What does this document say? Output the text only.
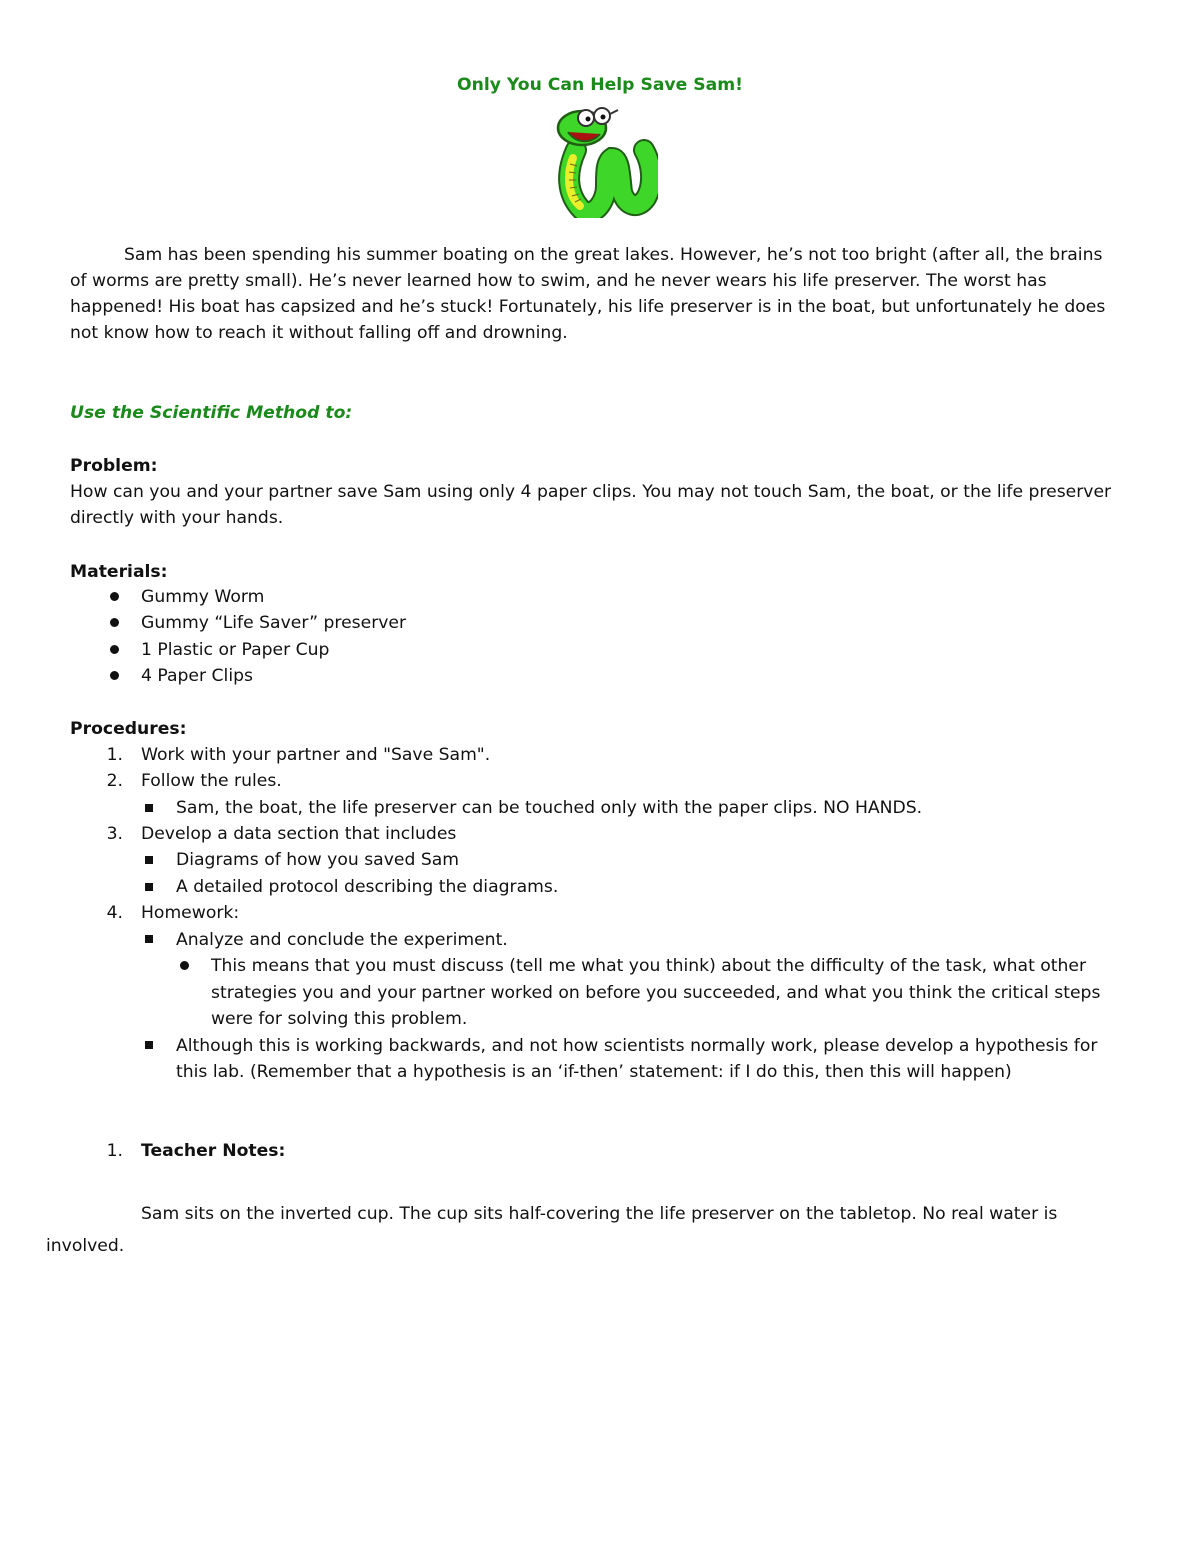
Only You Can Help Save Sam!
Sam has been spending his summer boating on the great lakes. However, he’s not too bright (after all, the brains
of worms are pretty small). He’s never learned how to swim, and he never wears his life preserver. The worst has
happened! His boat has capsized and he’s stuck! Fortunately, his life preserver is in the boat, but unfortunately he does
not know how to reach it without falling off and drowning.
Use the Scientific Method to:
Problem:
How can you and your partner save Sam using only 4 paper clips. You may not touch Sam, the boat, or the life preserver
directly with your hands.
Materials:
Gummy Worm
Gummy “Life Saver” preserver
1 Plastic or Paper Cup
4 Paper Clips
Procedures:
1. Work with your partner and "Save Sam".
2. Follow the rules.
Sam, the boat, the life preserver can be touched only with the paper clips. NO HANDS.
3. Develop a data section that includes
Diagrams of how you saved Sam
A detailed protocol describing the diagrams.
4. Homework:
Analyze and conclude the experiment.
This means that you must discuss (tell me what you think) about the difficulty of the task, what other
strategies you and your partner worked on before you succeeded, and what you think the critical steps
were for solving this problem.
Although this is working backwards, and not how scientists normally work, please develop a hypothesis for
this lab. (Remember that a hypothesis is an ‘if-then’ statement: if I do this, then this will happen)
1. Teacher Notes:
Sam sits on the inverted cup. The cup sits half-covering the life preserver on the tabletop. No real water is
involved.
